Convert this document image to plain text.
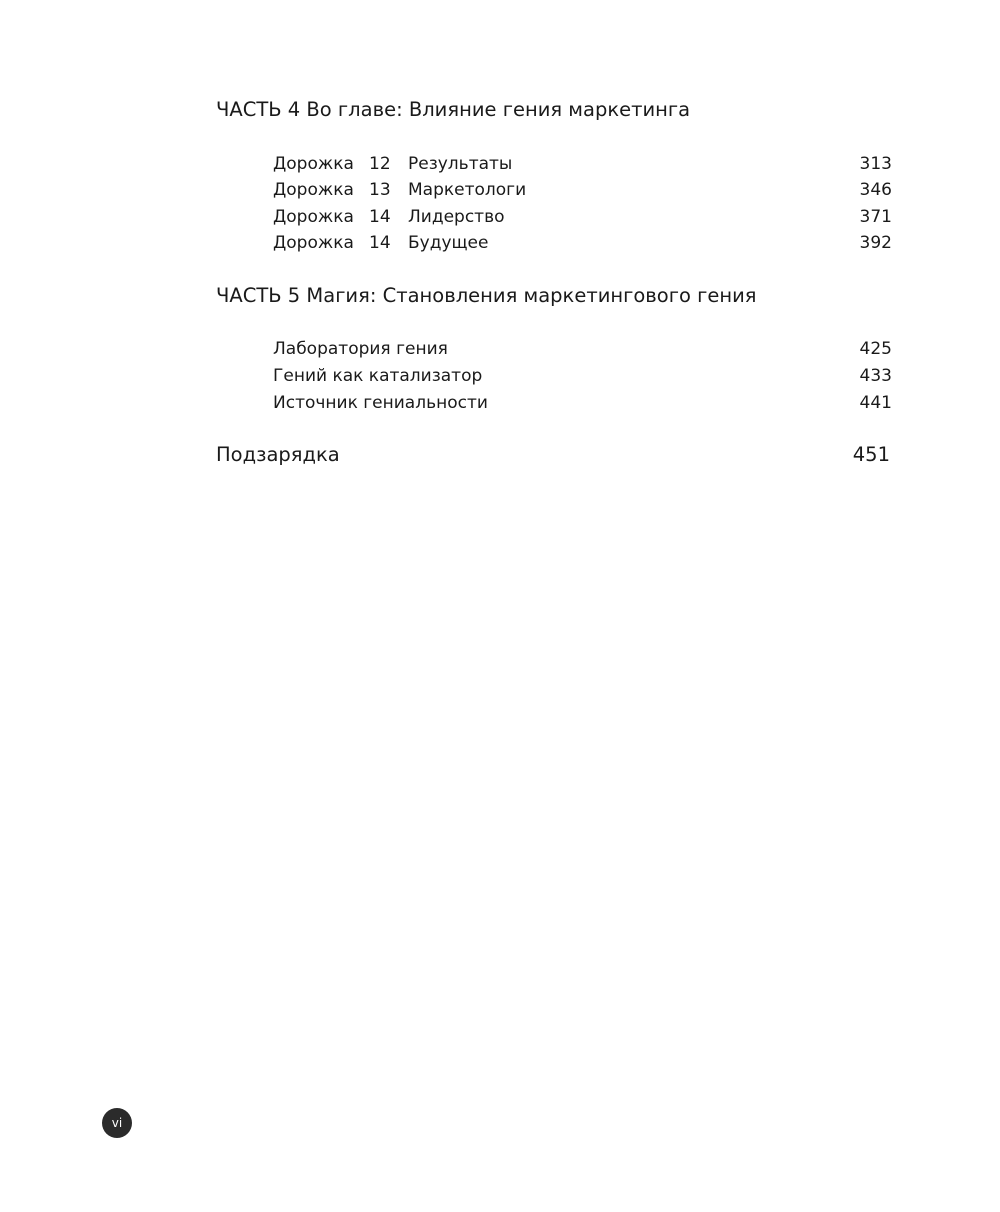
ЧАСТЬ 4 Во главе: Влияние гения маркетинга
Дорожка 12 Результаты	313
Дорожка 13 Маркетологи	346
Дорожка 14 Лидерство	371
Дорожка 14 Будущее	392
ЧАСТЬ 5 Магия: Становления маркетингового гения
Лаборатория гения	425
Гений как катализатор	433
Источник гениальности	441
Подзарядка	451
vi
